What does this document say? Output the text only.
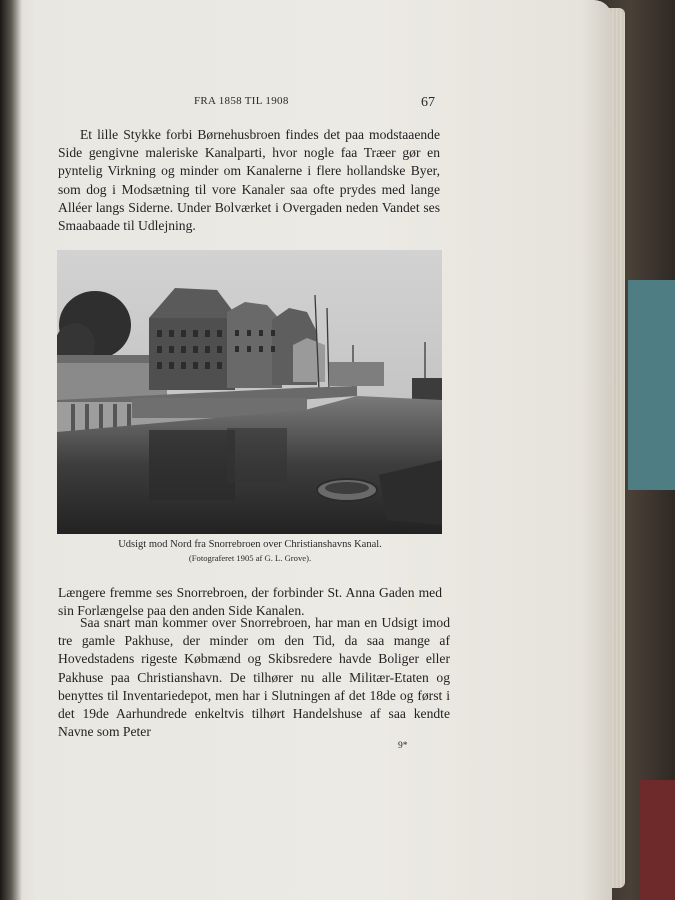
FRA 1858 TIL 1908	67

Et lille Stykke forbi Børnehusbroen findes det paa modstaaende Side gengivne maleriske Kanalparti, hvor nogle faa Træer gør en pyntelig Virkning og minder om Kanalerne i flere hollandske Byer, som dog i Modsætning til vore Kanaler saa ofte prydes med lange Alléer langs Siderne. Under Bolværket i Overgaden neden Vandet ses Smaabaade til Udlejning.

Udsigt mod Nord fra Snorrebroen over Christianshavns Kanal.
(Fotograferet 1905 af G. L. Grove).

Længere fremme ses Snorrebroen, der forbinder St. Anna Gaden med sin Forlængelse paa den anden Side Kanalen.

Saa snart man kommer over Snorrebroen, har man en Udsigt imod tre gamle Pakhuse, der minder om den Tid, da saa mange af Hovedstadens rigeste Købmænd og Skibsredere havde Boliger eller Pakhuse paa Christianshavn. De tilhører nu alle Militær-Etaten og benyttes til Inventariedepot, men har i Slutningen af det 18de og først i det 19de Aarhundrede enkeltvis tilhørt Handelshuse af saa kendte Navne som Peter

9*
